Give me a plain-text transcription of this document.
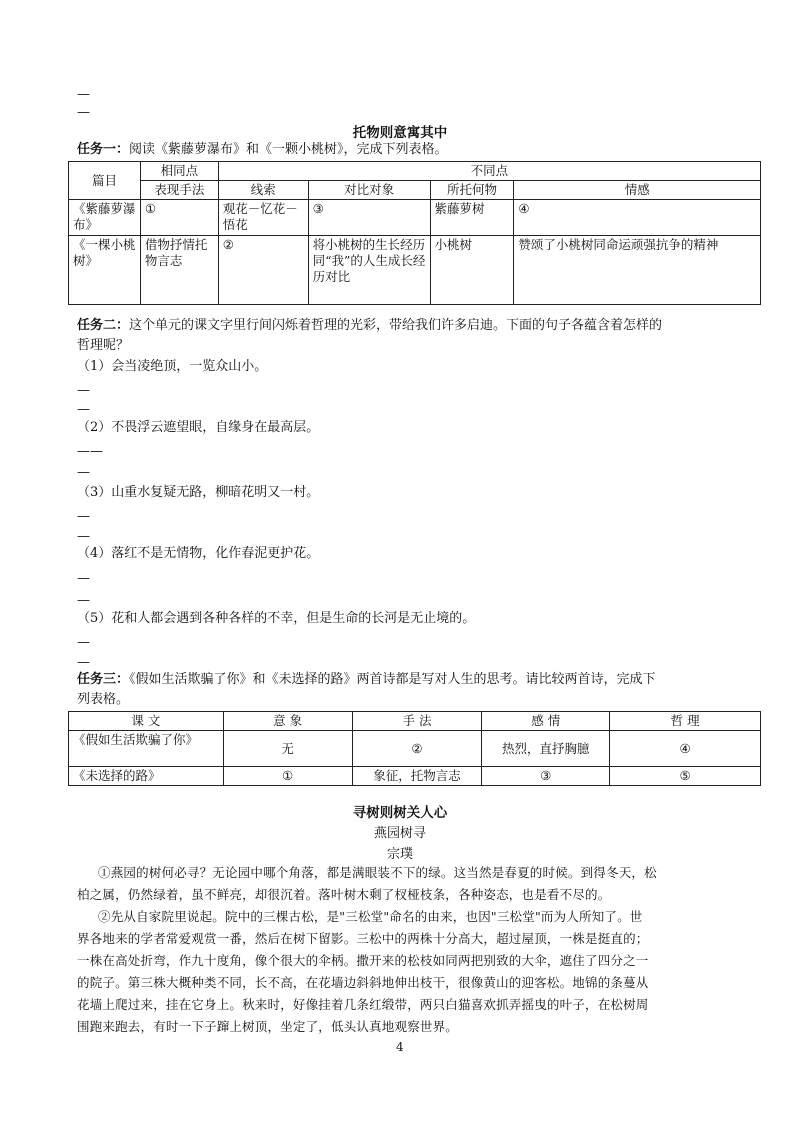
—
—
托物则意寓其中
任务一：阅读《紫藤萝瀑布》和《一颗小桃树》，完成下列表格。
篇目	相同点	不同点			
	表现手法	线索	对比对象	所托何物	情感
《紫藤萝瀑布》	①	观花－忆花－悟花	③	紫藤萝树	④
《一棵小桃树》	借物抒情托物言志	②	将小桃树的生长经历同“我”的人生成长经历对比	小桃树	赞颂了小桃树同命运顽强抗争的精神
任务二：这个单元的课文字里行间闪烁着哲理的光彩，带给我们许多启迪。下面的句子各蕴含着怎样的
哲理呢？
（1）会当凌绝顶，一览众山小。
—
—
（2）不畏浮云遮望眼，自缘身在最高层。
——
—
（3）山重水复疑无路，柳暗花明又一村。
—
—
（4）落红不是无情物，化作春泥更护花。
—
—
（5）花和人都会遇到各种各样的不幸，但是生命的长河是无止境的。
—
—
任务三：《假如生活欺骗了你》和《未选择的路》两首诗都是写对人生的思考。请比较两首诗，完成下
列表格。
课 文	意 象	手 法	感 情	哲 理
《假如生活欺骗了你》	无	②	热烈，直抒胸臆	④
《未选择的路》	①	象征，托物言志	③	⑤
寻树则树关人心
燕园树寻
宗璞
①燕园的树何必寻？无论园中哪个角落，都是满眼装不下的绿。这当然是春夏的时候。到得冬天，松
柏之属，仍然绿着，虽不鲜亮，却很沉着。落叶树木剩了杈桠枝条，各种姿态，也是看不尽的。
②先从自家院里说起。院中的三棵古松，是"三松堂"命名的由来，也因"三松堂"而为人所知了。世
界各地来的学者常爱观赏一番，然后在树下留影。三松中的两株十分高大，超过屋顶，一株是挺直的；
一株在高处折弯，作九十度角，像个很大的伞柄。撒开来的松枝如同两把别致的大伞，遮住了四分之一
的院子。第三株大概种类不同，长不高，在花墙边斜斜地伸出枝干，很像黄山的迎客松。地锦的条蔓从
花墙上爬过来，挂在它身上。秋来时，好像挂着几条红缎带，两只白猫喜欢抓弄摇曳的叶子，在松树周
围跑来跑去，有时一下子蹿上树顶，坐定了，低头认真地观察世界。
4
